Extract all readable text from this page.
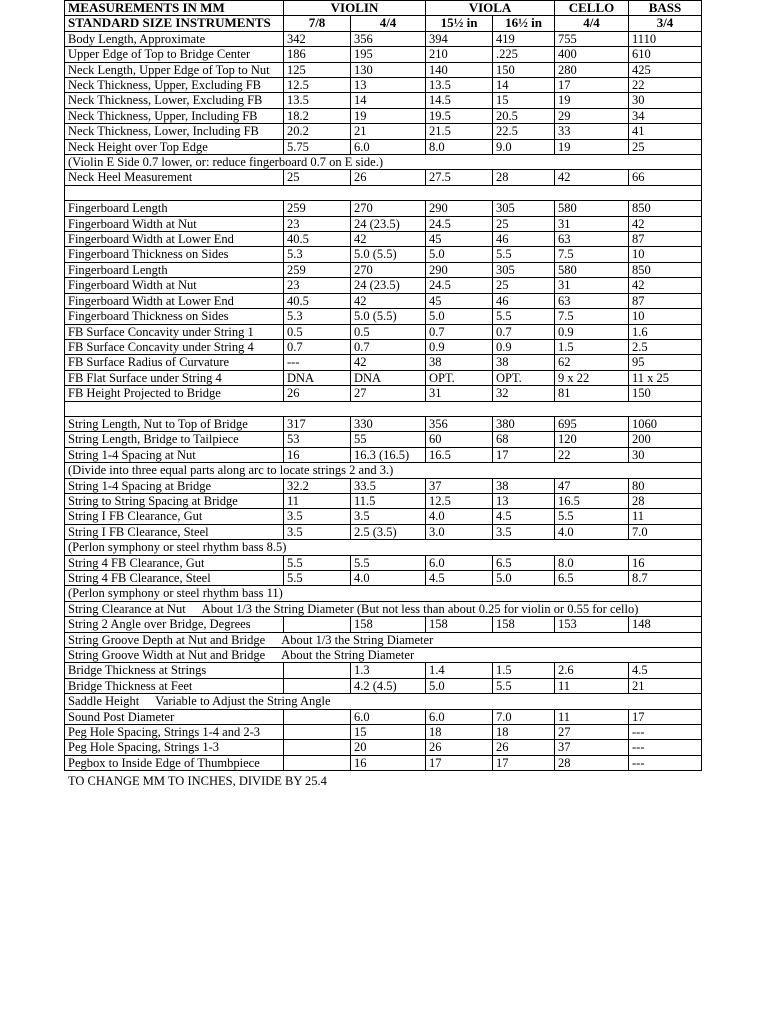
MEASUREMENTS IN MM	VIOLIN		VIOLA		CELLO	BASS
STANDARD SIZE INSTRUMENTS	7/8	4/4	15½ in	16½ in	4/4	3/4
Body Length, Approximate	342	356	394	419	755	1110
Upper Edge of Top to Bridge Center	186	195	210	.225	400	610
Neck Length, Upper Edge of Top to Nut	125	130	140	150	280	425
Neck Thickness, Upper, Excluding FB	12.5	13	13.5	14	17	22
Neck Thickness, Lower, Excluding FB	13.5	14	14.5	15	19	30
Neck Thickness, Upper, Including FB	18.2	19	19.5	20.5	29	34
Neck Thickness, Lower, Including FB	20.2	21	21.5	22.5	33	41
Neck Height over Top Edge	5.75	6.0	8.0	9.0	19	25
(Violin E Side 0.7 lower, or: reduce fingerboard 0.7 on E side.)						
Neck Heel Measurement	25	26	27.5	28	42	66

Fingerboard Length	259	270	290	305	580	850
Fingerboard Width at Nut	23	24 (23.5)	24.5	25	31	42
Fingerboard Width at Lower End	40.5	42	45	46	63	87
Fingerboard Thickness on Sides	5.3	5.0 (5.5)	5.0	5.5	7.5	10
Fingerboard Length	259	270	290	305	580	850
Fingerboard Width at Nut	23	24 (23.5)	24.5	25	31	42
Fingerboard Width at Lower End	40.5	42	45	46	63	87
Fingerboard Thickness on Sides	5.3	5.0 (5.5)	5.0	5.5	7.5	10
FB Surface Concavity under String 1	0.5	0.5	0.7	0.7	0.9	1.6
FB Surface Concavity under String 4	0.7	0.7	0.9	0.9	1.5	2.5
FB Surface Radius of Curvature	---	42	38	38	62	95
FB Flat Surface under String 4	DNA	DNA	OPT.	OPT.	9 x 22	11 x 25
FB Height Projected to Bridge	26	27	31	32	81	150

String Length, Nut to Top of Bridge	317	330	356	380	695	1060
String Length, Bridge to Tailpiece	53	55	60	68	120	200
String 1-4 Spacing at Nut	16	16.3 (16.5)	16.5	17	22	30
(Divide into three equal parts along arc to locate strings 2 and 3.)						
String 1-4 Spacing at Bridge	32.2	33.5	37	38	47	80
String to String Spacing at Bridge	11	11.5	12.5	13	16.5	28
String I FB Clearance, Gut	3.5	3.5	4.0	4.5	5.5	11
String I FB Clearance, Steel	3.5	2.5 (3.5)	3.0	3.5	4.0	7.0
(Perlon symphony or steel rhythm bass 8.5)						
String 4 FB Clearance, Gut	5.5	5.5	6.0	6.5	8.0	16
String 4 FB Clearance, Steel	5.5	4.0	4.5	5.0	6.5	8.7
(Perlon symphony or steel rhythm bass 11)						
String Clearance at Nut About 1/3 the String Diameter (But not less than about 0.25 for violin or 0.55 for cello)						
String 2 Angle over Bridge, Degrees		158	158	158	153	148
String Groove Depth at Nut and Bridge About 1/3 the String Diameter						
String Groove Width at Nut and Bridge About the String Diameter						
Bridge Thickness at Strings		1.3	1.4	1.5	2.6	4.5
Bridge Thickness at Feet		4.2 (4.5)	5.0	5.5	11	21
Saddle Height Variable to Adjust the String Angle						
Sound Post Diameter		6.0	6.0	7.0	11	17
Peg Hole Spacing, Strings 1-4 and 2-3		15	18	18	27	---
Peg Hole Spacing, Strings 1-3		20	26	26	37	---
Pegbox to Inside Edge of Thumbpiece		16	17	17	28	---
TO CHANGE MM TO INCHES, DIVIDE BY 25.4
